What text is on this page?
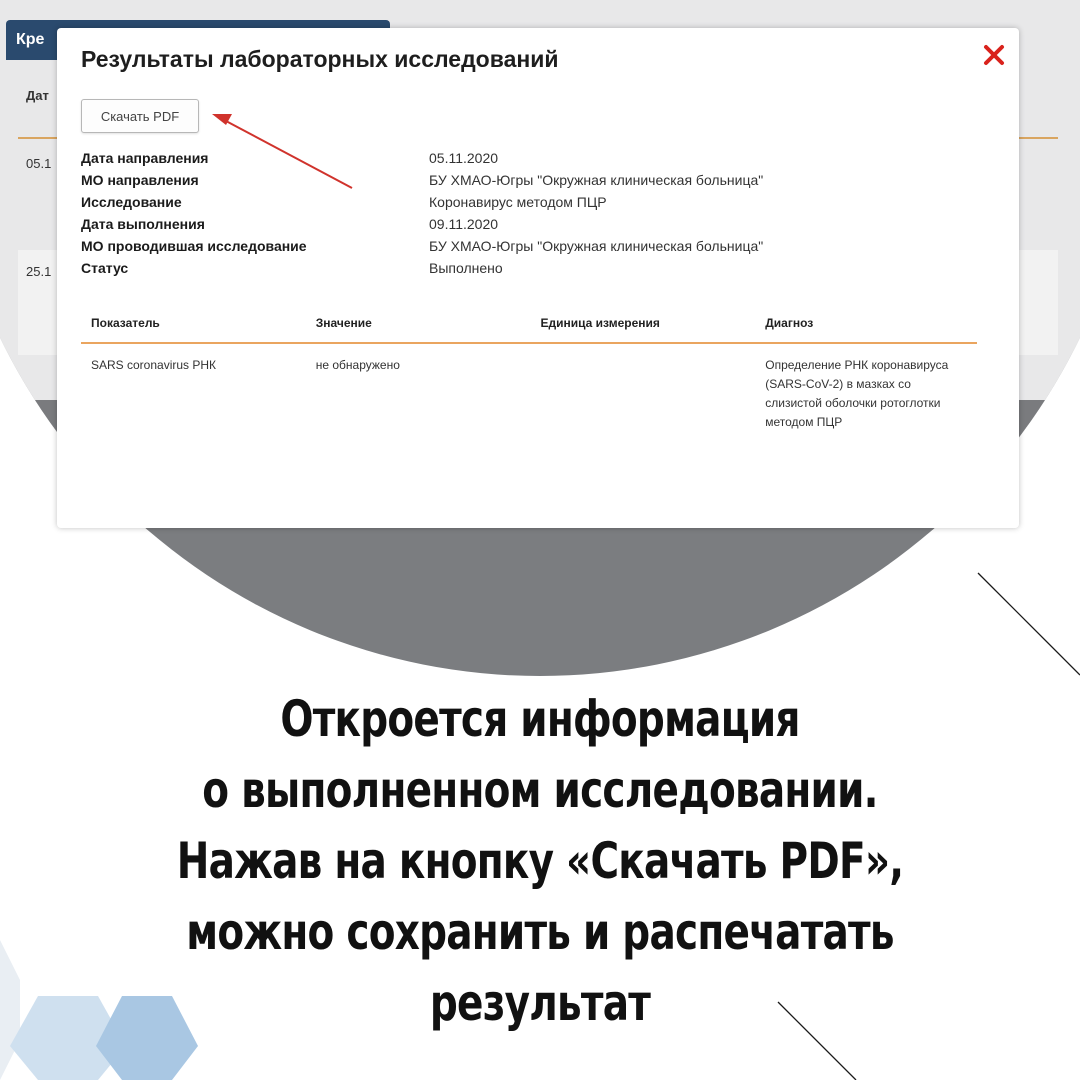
Кре
Дат
05.1
25.1
Результаты лабораторных исследований
Скачать PDF
Дата направления	05.11.2020
МО направления	БУ ХМАО-Югры "Окружная клиническая больница"
Исследование	Коронавирус методом ПЦР
Дата выполнения	09.11.2020
МО проводившая исследование	БУ ХМАО-Югры "Окружная клиническая больница"
Статус	Выполнено
Показатель	Значение	Единица измерения	Диагноз
SARS coronavirus РНК	не обнаружено		Определение РНК коронавируса (SARS-CoV-2) в мазках со слизистой оболочки ротоглотки методом ПЦР
Откроется информация
о выполненном исследовании.
Нажав на кнопку «Скачать PDF»,
можно сохранить и распечатать
результат
